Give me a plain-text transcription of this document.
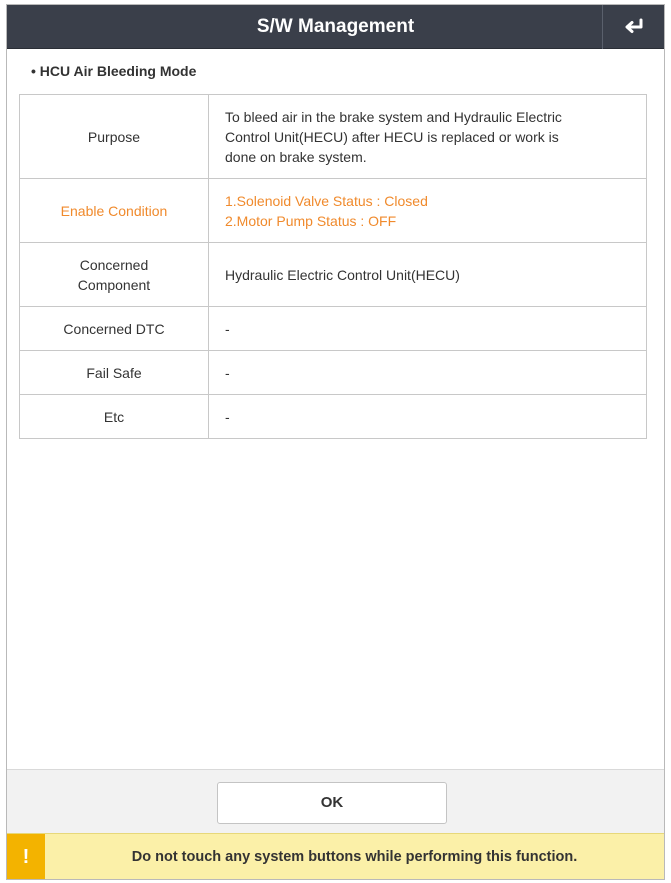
S/W Management
• HCU Air Bleeding Mode
Purpose	To bleed air in the brake system and Hydraulic Electric
Control Unit(HECU) after HECU is replaced or work is
done on brake system.

Enable Condition	1.Solenoid Valve Status : Closed
2.Motor Pump Status : OFF

Concerned
Component	Hydraulic Electric Control Unit(HECU)
Concerned DTC	-
Fail Safe	-
Etc	-
OK
!	Do not touch any system buttons while performing this function.
